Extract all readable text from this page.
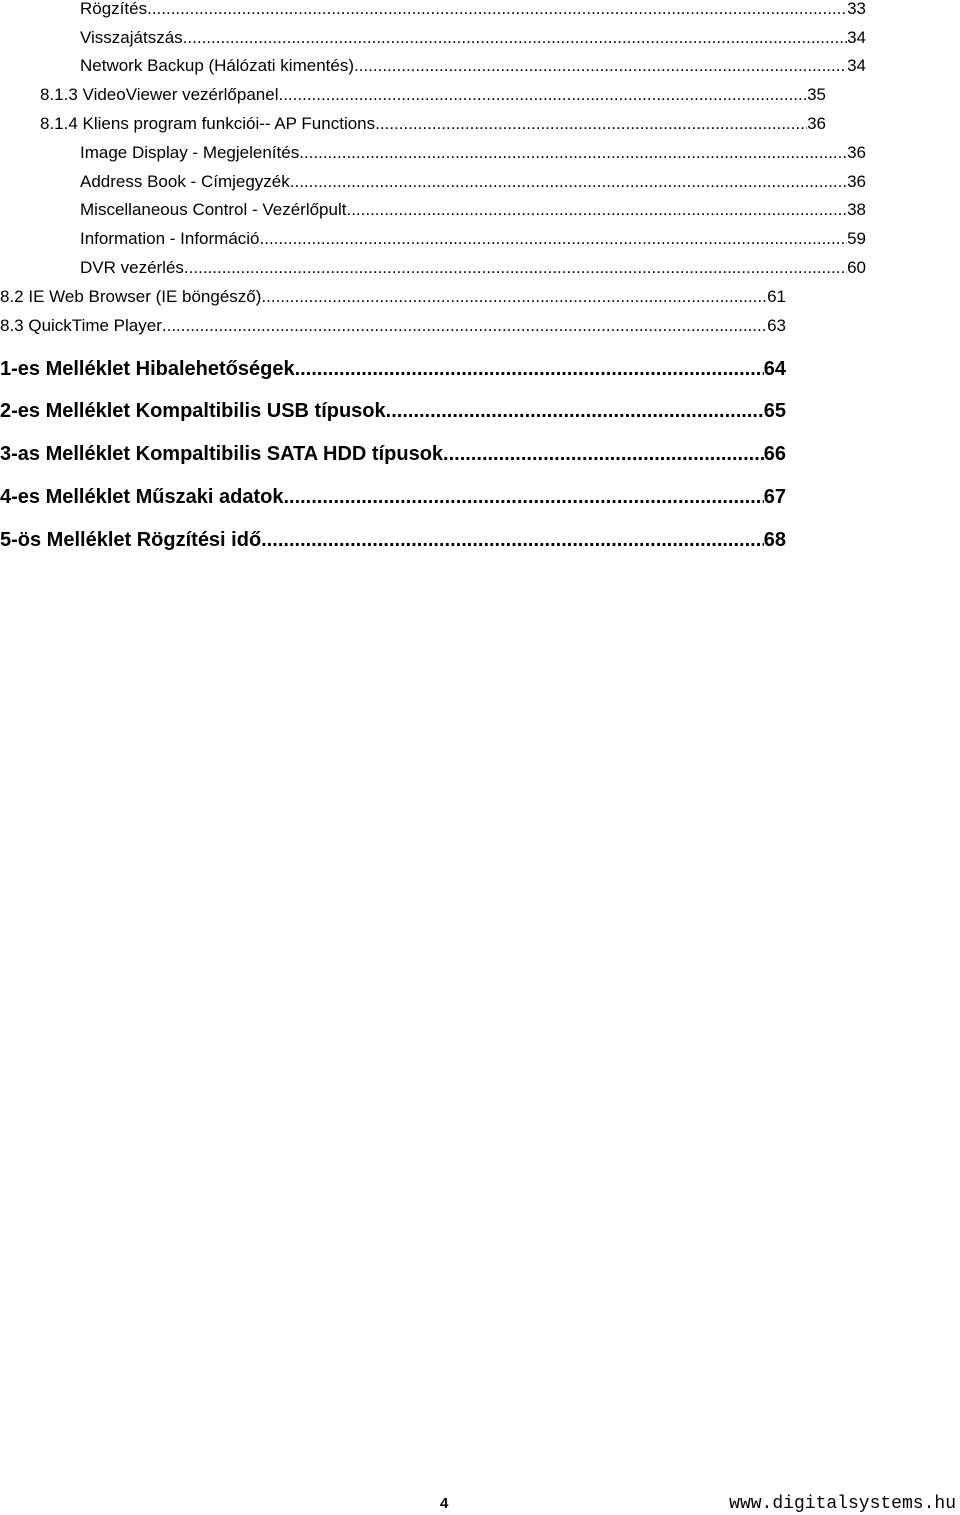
Rögzítés .....	33
Visszajátszás .....	34
Network Backup (Hálózati kimentés) .....	34
8.1.3 VideoViewer vezérlőpanel .....	35
8.1.4 Kliens program funkciói-- AP Functions .....	36
Image Display - Megjelenítés .....	36
Address Book - Címjegyzék .....	36
Miscellaneous Control - Vezérlőpult .....	38
Information - Információ .....	59
DVR vezérlés .....	60
8.2 IE Web Browser (IE böngésző) .....	61
8.3 QuickTime Player .....	63
1-es Melléklet Hibalehetőségek .....	64
2-es Melléklet Kompaltibilis USB típusok .....	65
3-as Melléklet Kompaltibilis SATA HDD típusok .....	66
4-es Melléklet Műszaki adatok .....	67
5-ös Melléklet Rögzítési idő .....	68
4	www.digitalsystems.hu
